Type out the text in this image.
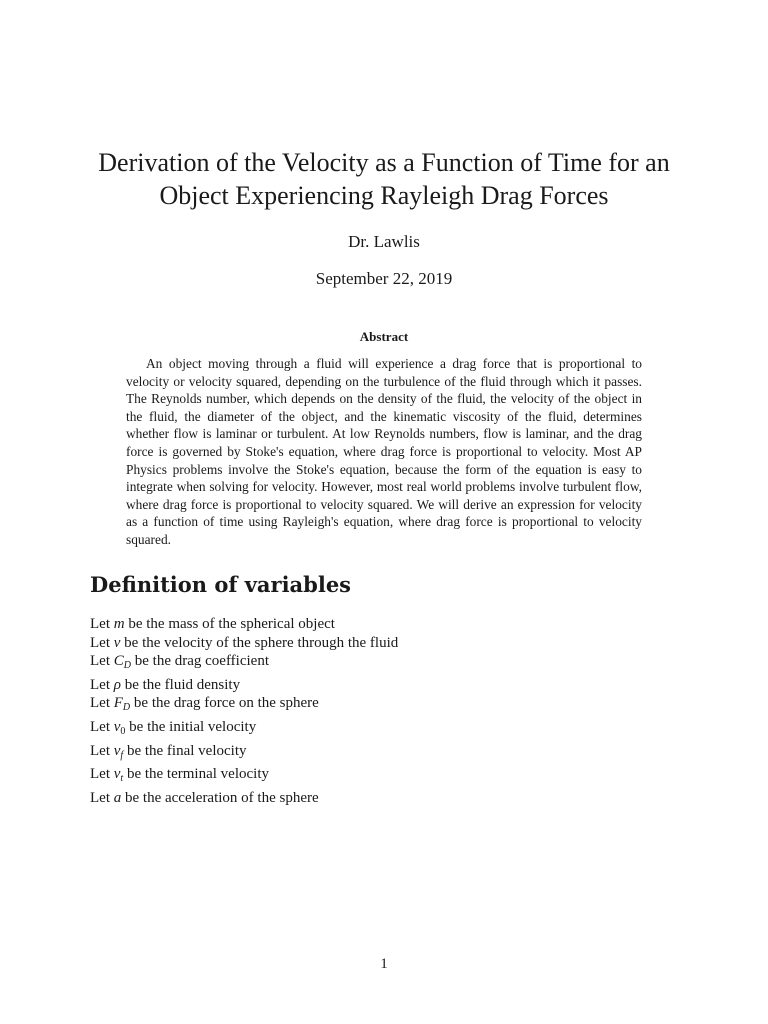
Derivation of the Velocity as a Function of Time for an
Object Experiencing Rayleigh Drag Forces
Dr. Lawlis
September 22, 2019
Abstract

An object moving through a fluid will experience a drag force that is proportional to velocity or velocity squared, depending on the turbulence of the fluid through which it passes. The Reynolds number, which depends on the density of the fluid, the velocity of the object in the fluid, the diameter of the object, and the kinematic viscosity of the fluid, determines whether flow is laminar or turbulent. At low Reynolds numbers, flow is laminar, and the drag force is governed by Stoke's equation, where drag force is proportional to velocity. Most AP Physics problems involve the Stoke's equation, because the form of the equation is easy to integrate when solving for velocity. However, most real world problems involve turbulent flow, where drag force is proportional to velocity squared. We will derive an expression for velocity as a function of time using Rayleigh's equation, where drag force is proportional to velocity squared.

Definition of variables
Let m be the mass of the spherical object
Let v be the velocity of the sphere through the fluid
Let $C_D$ be the drag coefficient
Let ρ be the fluid density
Let $F_D$ be the drag force on the sphere
Let $v_0$ be the initial velocity
Let $v_f$ be the final velocity
Let $v_t$ be the terminal velocity
Let a be the acceleration of the sphere
1
